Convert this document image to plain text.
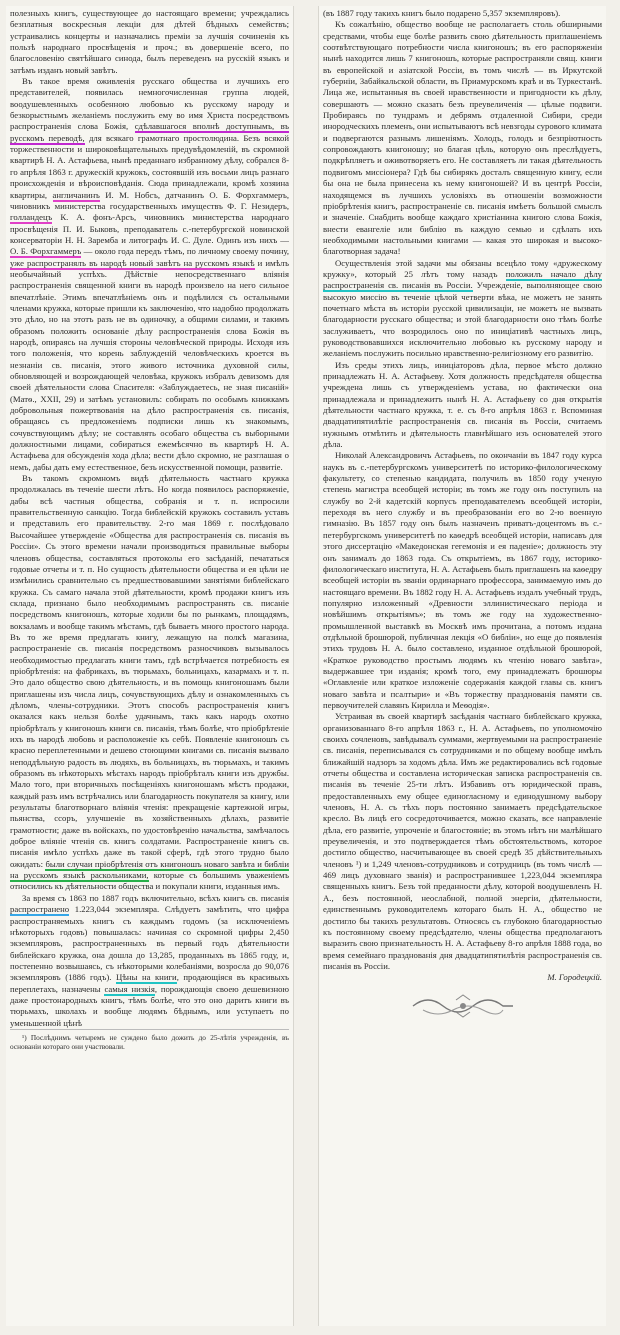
полезныхъ книгъ, существующее до настоящаго времени; учреждались безплатныя воскресныя лекціи для дѣтей бѣдныхъ семействъ; устраивались концерты и назначались преміи за лучшія сочиненія къ пользѣ народнаго просвѣщенія и проч.; въ довершеніе всего, по благословенію святѣйшаго синода, былъ переведенъ на русскій языкъ и затѣмъ изданъ новый завѣтъ.

Въ такое время оживленія русскаго общества и лучшихъ его представителей, появилась немногочисленная группа людей, воодушевленныхъ особенною любовью къ русскому народу и безкорыстнымъ желаніемъ послужить ему во имя Христа посредствомъ распространенія слова Божія, сдѣлавшагося вполнѣ доступнымъ, въ русскомъ переводѣ, для всякаго грамотнаго простолюдина. Безъ всякой торжественности и широковѣщательныхъ предувѣдомленій, въ скромной квартирѣ Н. А. Астафьева, нынѣ преданнаго избранному дѣлу, собрался 8-го апрѣля 1863 г. дружескій кружокъ, состоявшій изъ восьми лицъ разнаго происхожденія и вѣроисповѣданія. Сюда принадлежали, кромѣ хозяина квартиры, англичанинъ И. М. Нобсъ, датчанинъ О. Б. Форхгаммеръ, чиновникъ министерства государственныхъ имуществъ Ф. Г. Незидеръ, голландецъ К. А. фонъ-Арсъ, чиновникъ министерства народнаго просвѣщенія П. И. Быковъ, преподаватель с.-петербургской новинской консерваторіи Н. Н. Заремба и литографъ И. С. Дуле. Одинъ изъ нихъ — О. Б. Форхгаммеръ — около года передъ тѣмъ, по личному своему почину, уже распространялъ въ народѣ новый завѣтъ на русскомъ языкѣ и имѣлъ необычайный успѣхъ. Дѣйствіе непосредственнаго вліянія распространенія священной книги въ народѣ произвело на него сильное впечатлѣніе. Этимъ впечатлѣніемъ онъ и подѣлился съ остальными членами кружка, которые пришли къ заключенію, что надобно продолжать это дѣло, но на этотъ разъ не въ одиночку, а общими силами, и такимъ образомъ положить основаніе дѣлу распространенія слова Божія въ народѣ, опираясь на лучшія стороны человѣческой природы. Исходя изъ того положенія, что корень заблужденій человѣческихъ кроется въ незнаніи св. писанія, этого живого источника духовной силы, обновляющей и возрождающей человѣка, кружокъ избралъ девизомъ для своей дѣятельности слова Спасителя: «Заблуждаетесь, не зная писаній» (Матѳ., XXII, 29) и затѣмъ установилъ: собирать по особымъ книжкамъ добровольныя пожертвованія на дѣло распространенія св. писанія, обращаясь съ предложеніемъ подписки лишь къ знакомымъ, сочувствующимъ дѣлу; не составлять особаго общества съ выборными должностными лицами, собираться ежемѣсячно въ квартирѣ Н. А. Астафьева для обсужденія хода дѣла; вести дѣло скромно, не разглашая о немъ, дабы дать ему естественное, безъ искусственной помощи, развитіе.

Въ такомъ скромномъ видѣ дѣятельность частнаго кружка продолжалась въ теченіе шести лѣтъ. Но когда появилось распоряженіе, дабы всѣ частныя общества, собранія и т. п. испросили правительственную санкцію. Тогда библейскій кружокъ составилъ уставъ и представилъ его правительству. 2-го мая 1869 г. послѣдовало Высочайшее утвержденіе «Общества для распространенія св. писанія въ Россіи». Съ этого времени начали производиться правильные выборы членовъ общества, составляться протоколы его засѣданій, печататься годовые отчеты и т. п. Но сущность дѣятельности общества и ея цѣли не измѣнились сравнительно съ предшествовавшими занятіями библейскаго кружка. Съ самаго начала этой дѣятельности, кромѣ продажи книгъ изъ склада, признано было необходимымъ распространять св. писаніе посредствомъ книгоношъ, которые ходили бы по рынкамъ, площадямъ, вокзаламъ и вообще такимъ мѣстамъ, гдѣ бываетъ много простого народа. Въ то же время предлагать книгу, лежащую на полкѣ магазина, распространеніе св. писанія посредствомъ разносчиковъ вызывалось необходимостью предлагать книги тамъ, гдѣ встрѣчается потребность ея пріобрѣтенія: на фабрикахъ, въ тюрьмахъ, больницахъ, казармахъ и т. п. Это дало общество свою дѣятельность, и въ помощь книгоношамъ были приглашены изъ числа лицъ, сочувствующихъ дѣлу и ознакомленныхъ съ дѣломъ, члены-сотрудники. Этотъ способъ распространенія книгъ оказался какъ нельзя болѣе удачнымъ, такъ какъ народъ охотно пріобрѣталъ у книгоношъ книги св. писанія, тѣмъ болѣе, что пріобрѣтеніе ихъ въ народѣ любовь и расположеніе къ себѣ. Появленіе книгоношъ съ красно переплетенными и дешево стоющими книгами св. писанія вызвало неподдѣльную радость въ людяхъ, въ больницахъ, въ тюрьмахъ, и такимъ образомъ въ нѣкоторыхъ мѣстахъ народъ пріобрѣталъ книги изъ дружбы. Мало того, при вторичныхъ посѣщеніяхъ книгоношамъ мѣстъ продажи, каждый разъ имъ встрѣчались или благодарность покупателя за книгу, или результаты благотворнаго вліянія чтенія: прекращеніе картежной игры, пьянства, ссоръ, улучшеніе въ хозяйственныхъ дѣлахъ, развитіе грамотности; даже въ войскахъ, по удостовѣренію начальства, замѣчалось доброе вліяніе чтенія св. книгъ солдатами. Распространеніе книгъ св. писанія имѣло успѣхъ даже въ такой сферѣ, гдѣ этого трудно было ожидать: были случаи пріобрѣтенія отъ книгоношъ новаго завѣта и библіи на русскомъ языкѣ раскольниками, которые съ большимъ уваженіемъ относились къ дѣятельности общества и покупали книги, изданныя имъ.

За время съ 1863 по 1887 годъ включительно, всѣхъ книгъ св. писанія распространено 1.223,044 экземпляра. Слѣдуетъ замѣтить, что цифра распространяемыхъ книгъ съ каждымъ годомъ (за исключеніемъ нѣкоторыхъ годовъ) повышалась: начиная со скромной цифры 2,450 экземпляровъ, распространенныхъ въ первый годъ дѣятельности библейскаго кружка, она дошла до 13,285, проданныхъ въ 1865 году, и, постепенно возвышаясь, съ нѣкоторыми колебаніями, возросла до 90,076 экземпляровъ (1886 годъ). Цѣны на книги, продающіяся въ красивыхъ переплетахъ, назначены самыя низкія, порождающія своею дешевизною даже простонародныхъ книгъ, тѣмъ болѣе, что это оно даритъ книги въ тюрьмахъ, школахъ и вообще людямъ бѣднымъ, или уступаетъ по уменьшенной цѣнѣ

¹) Послѣднимъ четыремъ не суждено было дожить до 25-лѣтія учрежденія, въ основаніи котораго они участвовали.

(въ 1887 году такихъ книгъ было подарено 5,357 экземпляровъ).

Къ сожалѣнію, общество вообще не располагаетъ столь обширными средствами, чтобы еще болѣе развить свою дѣятельность приглашеніемъ соотвѣтствующаго потребности числа книгоношъ; въ его распоряженіи нынѣ находится лишь 7 книгоношъ, которые распространяли свящ. книги въ европейской и азіатской Россіи, въ томъ числѣ — въ Иркутской губерніи, Забайкальской области, въ Приамурскомъ краѣ и въ Туркестанѣ. Лица же, испытанныя въ своей нравственности и пригодности къ дѣлу, совершаютъ — можно сказать безъ преувеличенія — цѣлые подвиги. Пробираясь по тундрамъ и дебрямъ отдаленной Сибири, среди инородческихъ племенъ, они испытываютъ всѣ невзгоды сурового климата и подвергаются разнымъ лишеніямъ. Холодъ, голодъ и безпріютность сопровождаютъ книгоношу; но благая цѣль, которую онъ преслѣдуетъ, подкрѣпляетъ и оживотворяетъ его. Не составляетъ ли такая дѣятельность подвигомъ миссіонера? Гдѣ бы сибирякъ досталъ священную книгу, если бы она не была принесена къ нему книгоношей? И въ центрѣ Россіи, находящемся въ лучшихъ условіяхъ въ отношеніи возможности пріобрѣтенія книгъ, распространеніе св. писанія имѣетъ большой смыслъ и значеніе. Снабдить вообще каждаго христіанина книгою слова Божія, внести евангеліе или библію въ каждую семью и сдѣлать ихъ необходимыми настольными книгами — какая это широкая и высоко-благотворная задача!

Осуществленія этой задачи мы обязаны всецѣло тому «дружескому кружку», который 25 лѣтъ тому назадъ положилъ начало дѣлу распространенія св. писанія въ Россіи. Учрежденіе, выполняющее свою высокую миссію въ теченіе цѣлой четверти вѣка, не можетъ не занять почетнаго мѣста въ исторіи русской цивилизаціи, не можетъ не вызвать благодарности русскаго общества; и этой благодарности оно тѣмъ болѣе заслуживаетъ, что возродилось оно по иниціативѣ частныхъ лицъ, руководствовавшихся исключительно любовью къ русскому народу и желаніемъ послужить посильно нравственно-религіозному его развитію.

Изъ среды этихъ лицъ, иниціаторовъ дѣла, первое мѣсто должно принадлежать Н. А. Астафьеву. Хотя должность предсѣдателя общества учреждена лишь съ утвержденіемъ устава, но фактически она принадлежала и принадлежитъ нынѣ Н. А. Астафьеву со дня открытія дѣятельности частнаго кружка, т. е. съ 8-го апрѣля 1863 г. Вспоминая двадцатипятилѣтіе распространенія св. писанія въ Россіи, считаемъ нужнымъ отмѣтить и дѣятельность главнѣйшаго изъ основателей этого дѣла.

Николай Александровичъ Астафьевъ, по окончаніи въ 1847 году курса наукъ въ с.-петербургскомъ университетѣ по историко-филологическому факультету, со степенью кандидата, получилъ въ 1850 году ученую степень магистра всеобщей исторіи; въ томъ же году онъ поступилъ на службу во 2-й кадетскій корпусъ преподавателемъ всеобщей исторіи, переходя въ него службу и въ преобразованіи его во 2-ю военную гимназію. Въ 1857 году онъ былъ назначенъ приватъ-доцентомъ въ с.-петербургскомъ университетѣ по каѳедрѣ всеобщей исторіи, написавъ для этого диссертацію «Македонская гегемонія и ея паденіе»; должность эту онъ занималъ до 1863 года. Съ открытіемъ, въ 1867 году, историко-филологическаго института, Н. А. Астафьевъ былъ приглашенъ на каѳедру всеобщей исторіи въ званіи ординарнаго профессора, занимаемую имъ до настоящаго времени. Въ 1882 году Н. А. Астафьевъ издалъ учебный трудъ, популярно изложенный «Древности эллинистическаго періода и новѣйшимъ открытіямъ»; въ томъ же году на художественно-промышленной выставкѣ въ Москвѣ имъ прочитана, а потомъ издана отдѣльной брошюрой, публичная лекція «О библіи», но еще до появленія этихъ трудовъ Н. А. было составлено, изданное отдѣльной брошюрой, «Краткое руководство простымъ людямъ къ чтенію новаго завѣта», выдержавшее три изданія; кромѣ того, ему принадлежатъ брошюры «Оглавленіе или краткое изложеніе содержанія каждой главы св. книгъ новаго завѣта и псалтыри» и «Въ торжеству празднованія памяти св. первоучителей славянъ Кирилла и Меѳодія».

Устраивая въ своей квартирѣ засѣданія частнаго библейскаго кружка, организованнаго 8-го апрѣля 1863 г., Н. А. Астафьевъ, по уполномочію своихъ сочленовъ, завѣдывалъ суммами, жертвуемыми на распространеніе св. писанія, переписывался съ сотрудниками и по общему вообще имѣлъ ближайшій надзоръ за ходомъ дѣла. Имъ же редактировались всѣ годовые отчеты общества и составлена историческая записка распространенія св. писанія въ теченіе 25-ти лѣтъ. Избавивъ отъ юридической правъ, предоставленныхъ ему общее единогласному и единодушному выбору членовъ, Н. А. съ тѣхъ поръ постоянно занимаетъ предсѣдательское кресло. Въ лицѣ его сосредоточивается, можно сказать, все направленіе дѣла, его развитіе, упроченіе и благостояніе; въ этомъ нѣтъ ни малѣйшаго преувеличенія, и это подтверждается тѣмъ обстоятельствомъ, которое достигло общество, насчитывающее въ своей средѣ 35 дѣйствительныхъ членовъ ¹) и 1,249 членовъ-сотрудниковъ и сотрудницъ (въ томъ числѣ — 469 лицъ духовнаго званія) и распространившее 1,223,044 экземпляра священныхъ книгъ. Безъ той преданности дѣлу, которой воодушевленъ Н. А., безъ постоянной, неослабной, полной энергіи, дѣятельности, единственнымъ руководителемъ котораго былъ Н. А., общество не достигло бы такихъ результатовъ. Относясь съ глубокою благодарностью къ постоянному своему предсѣдателю, члены общества предполагаютъ выразить свою признательность Н. А. Астафьеву 8-го апрѣля 1888 года, во время семейнаго празднованія дня двадцатипятилѣтія распространенія св. писанія въ Россіи.

М. Городецкій.
